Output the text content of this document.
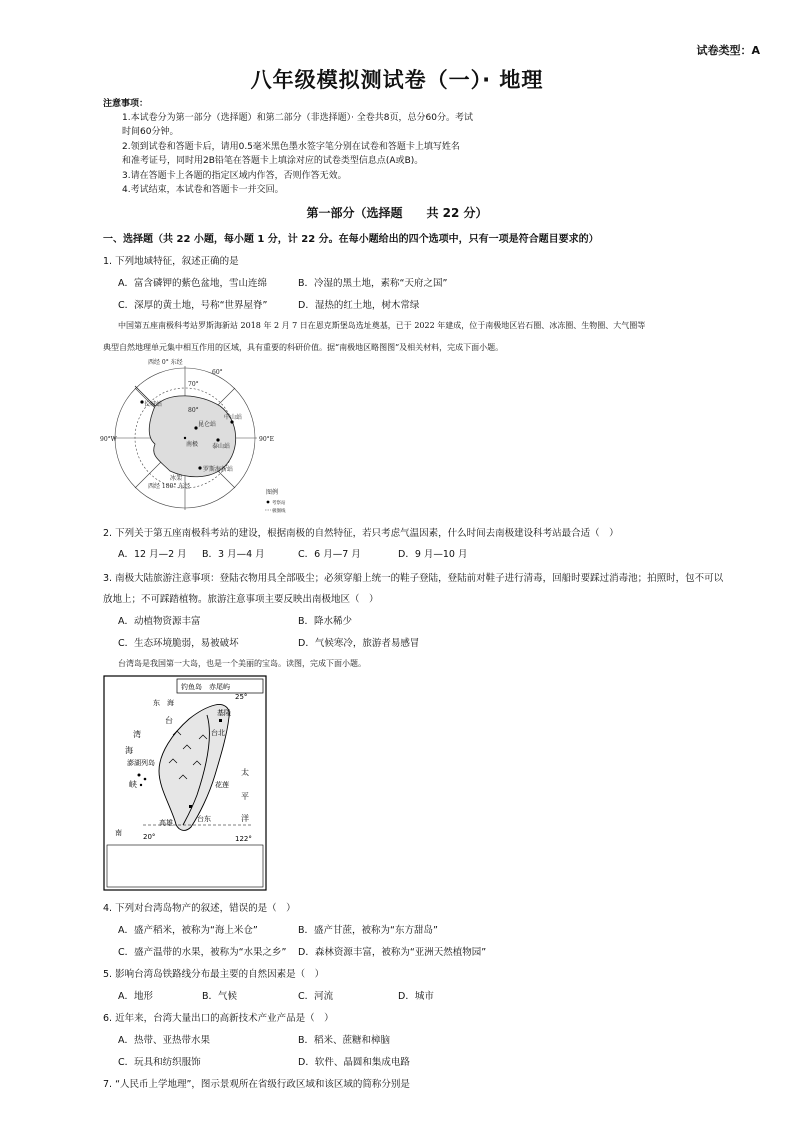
试卷类型：A
八年级模拟测试卷（一）· 地理
注意事项：
1.本试卷分为第一部分（选择题）和第二部分（非选择题）· 全卷共8页，总分60分。考试
时间60分钟。
2.领到试卷和答题卡后，请用0.5毫米黑色墨水签字笔分别在试卷和答题卡上填写姓名
和准考证号，同时用2B铅笔在答题卡上填涂对应的试卷类型信息点(A或B)。
3.请在答题卡上各题的指定区域内作答，否则作答无效。
4.考试结束，本试卷和答题卡一并交回。
第一部分（选择题　　共 22 分）
一、选择题（共 22 小题，每小题 1 分，计 22 分。在每小题给出的四个选项中，只有一项是符合题目要求的）
1. 下列地域特征，叙述正确的是
A．富含磷钾的紫色盆地，雪山连绵	B．冷湿的黑土地，素称“天府之国”
C．深厚的黄土地，号称“世界屋脊”	D．湿热的红土地，树木常绿
中国第五座南极科考站罗斯海新站 2018 年 2 月 7 日在恩克斯堡岛选址奠基，已于 2022 年建成，位于南极地区岩石圈、冰冻圈、生物圈、大气圈等
典型自然地理单元集中相互作用的区域，具有重要的科研价值。据“南极地区略图图”及相关材料，完成下面小题。
西经 0° 东经
西经 180° 东经
90°W	90°E
70°
80°
60°
长城站
中山站
昆仑站
泰山站
南极
罗斯海新站
冰架
图例
考察站
极圈线
2. 下列关于第五座南极科考站的建设，根据南极的自然特征，若只考虑气温因素，什么时间去南极建设科考站最合适（　）
A．12 月—2 月 B．3 月—4 月	C．6 月—7 月	D．9 月—10 月
3. 南极大陆旅游注意事项：登陆衣物用具全部吸尘；必须穿船上统一的鞋子登陆，登陆前对鞋子进行清毒，回船时要踩过消毒池；拍照时，包不可以
放地上；不可踩踏植物。旅游注意事项主要反映出南极地区（　）
A．动植物资源丰富	B．降水稀少
C．生态环境脆弱，易被破坏	D．气候寒冷，旅游者易感冒
台湾岛是我国第一大岛，也是一个美丽的宝岛。读图，完成下面小题。
钓鱼岛　赤尾屿
25°
东　海
基隆
澎湖列岛
台北
花莲
高雄	台东
南	20°	122°
台
湾
海
峡
太
平
洋
4. 下列对台湾岛物产的叙述，错误的是（　）
A．盛产稻米，被称为“海上米仓”	B．盛产甘蔗，被称为“东方甜岛”
C．盛产温带的水果，被称为“水果之乡” D．森林资源丰富，被称为“亚洲天然植物园”
5. 影响台湾岛铁路线分布最主要的自然因素是（　）
A．地形	B．气候	C．河流	D．城市
6. 近年来，台湾大量出口的高新技术产业产品是（　）
A．热带、亚热带水果	B．稻米、蔗糖和樟脑
C．玩具和纺织服饰	D．软件、晶圆和集成电路
7. “人民币上学地理”，图示景观所在省级行政区域和该区域的简称分别是
